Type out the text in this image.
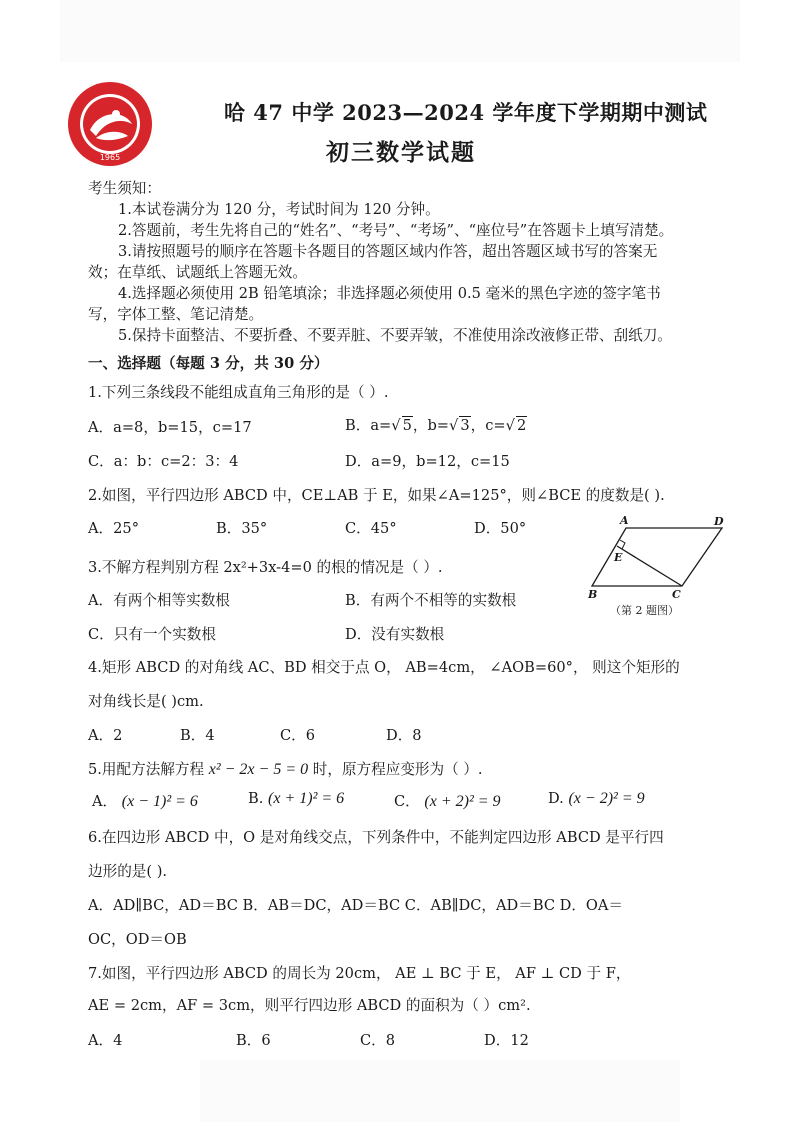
1965
哈 47 中学 2023—2024 学年度下学期期中测试
初三数学试题
考生须知：
1.本试卷满分为 120 分，考试时间为 120 分钟。
2.答题前，考生先将自己的“姓名”、“考号”、“考场”、“座位号”在答题卡上填写清楚。
3.请按照题号的顺序在答题卡各题目的答题区域内作答，超出答题区域书写的答案无
效；在草纸、试题纸上答题无效。
4.选择题必须使用 2B 铅笔填涂；非选择题必须使用 0.5 毫米的黑色字迹的签字笔书
写，字体工整、笔记清楚。
5.保持卡面整洁、不要折叠、不要弄脏、不要弄皱，不准使用涂改液修正带、刮纸刀。
一、选择题（每题 3 分，共 30 分）
1.下列三条线段不能组成直角三角形的是（ ）.
A．a=8，b=15，c=17	B．a=√ 5，b=√ 3，c=√ 2
C．a：b：c=2：3：4	D．a=9，b=12，c=15
2.如图，平行四边形 ABCD 中，CE⊥AB 于 E，如果∠A=125°，则∠BCE 的度数是( ).
A．25°	B．35°	C．45°	D．50°	A	D
E
B	C
（第 2 题图）
3.不解方程判别方程 2x²+3x-4=0 的根的情况是（ ）.
A．有两个相等实数根	B．有两个不相等的实数根
C．只有一个实数根	D．没有实数根
4.矩形 ABCD 的对角线 AC、BD 相交于点 O， AB=4cm， ∠AOB=60°， 则这个矩形的
对角线长是( )cm.
A．2	B．4	C．6	D．8
5.用配方法解方程 x² − 2x − 5 = 0 时，原方程应变形为（ ）.
A． (x − 1)² = 6	B. (x + 1)² = 6	C． (x + 2)² = 9	D. (x − 2)² = 9
6.在四边形 ABCD 中，O 是对角线交点，下列条件中，不能判定四边形 ABCD 是平行四
边形的是( ).
A．AD∥BC，AD＝BC B．AB＝DC，AD＝BC C．AB∥DC，AD＝BC D．OA＝
OC，OD＝OB
7.如图，平行四边形 ABCD 的周长为 20cm， AE ⊥ BC 于 E， AF ⊥ CD 于 F，
AE = 2cm，AF = 3cm，则平行四边形 ABCD 的面积为（ ）cm².
A．4	B．6	C．8	D．12
